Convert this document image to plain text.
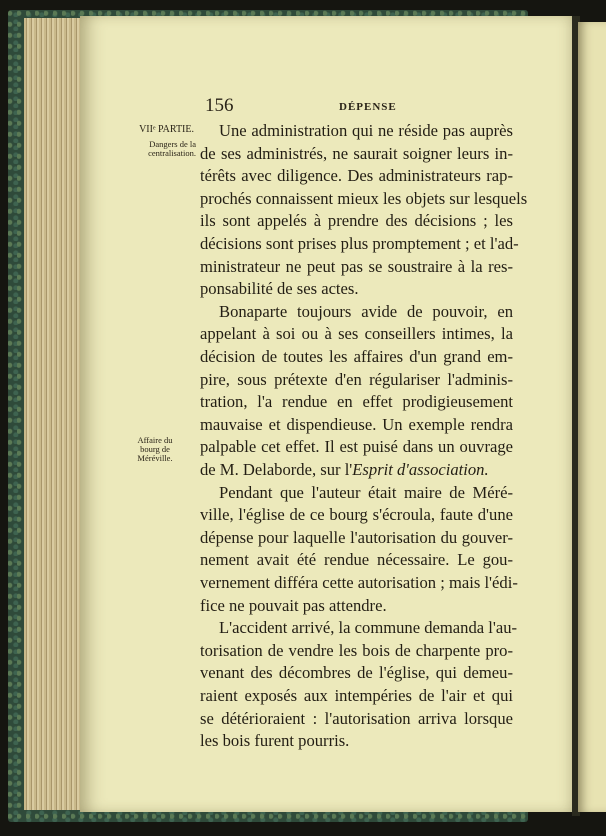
156	DÉPENSE
VIIᵉ PARTIE.
Dangers de la
centralisation.
Affaire du
bourg de
Méréville.
Une administration qui ne réside pas auprès
de ses administrés, ne saurait soigner leurs in-
térêts avec diligence. Des administrateurs rap-
prochés connaissent mieux les objets sur lesquels
ils sont appelés à prendre des décisions ; les
décisions sont prises plus promptement ; et l'ad-
ministrateur ne peut pas se soustraire à la res-
ponsabilité de ses actes.
Bonaparte toujours avide de pouvoir, en
appelant à soi ou à ses conseillers intimes, la
décision de toutes les affaires d'un grand em-
pire, sous prétexte d'en régulariser l'adminis-
tration, l'a rendue en effet prodigieusement
mauvaise et dispendieuse. Un exemple rendra
palpable cet effet. Il est puisé dans un ouvrage
de M. Delaborde, sur l'Esprit d'association.
Pendant que l'auteur était maire de Méré-
ville, l'église de ce bourg s'écroula, faute d'une
dépense pour laquelle l'autorisation du gouver-
nement avait été rendue nécessaire. Le gou-
vernement différa cette autorisation ; mais l'édi-
fice ne pouvait pas attendre.
L'accident arrivé, la commune demanda l'au-
torisation de vendre les bois de charpente pro-
venant des décombres de l'église, qui demeu-
raient exposés aux intempéries de l'air et qui
se détérioraient : l'autorisation arriva lorsque
les bois furent pourris.
